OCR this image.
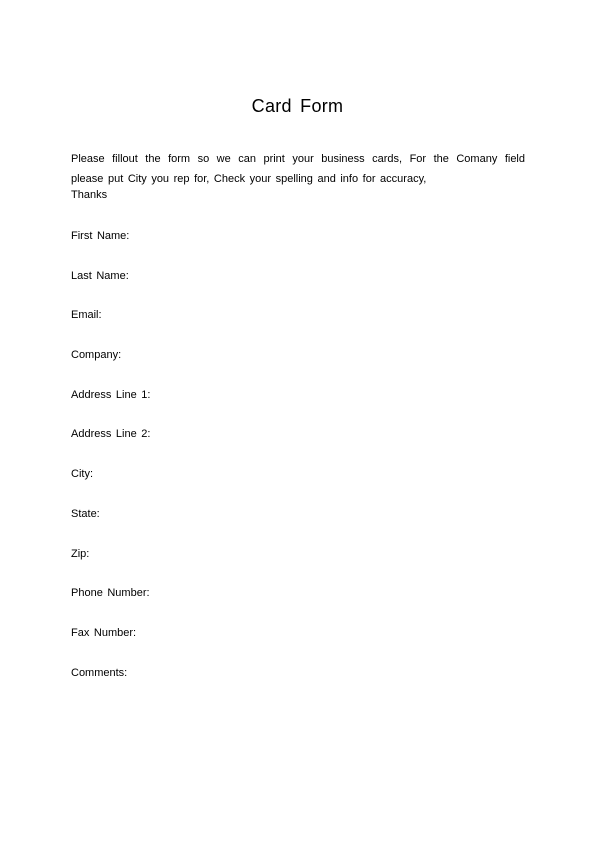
Card Form
Please fillout the form so we can print your business cards, For the Comany field
please put City you rep for, Check your spelling and info for accuracy,
Thanks
First Name:
Last Name:
Email:
Company:
Address Line 1:
Address Line 2:
City:
State:
Zip:
Phone Number:
Fax Number:
Comments:
